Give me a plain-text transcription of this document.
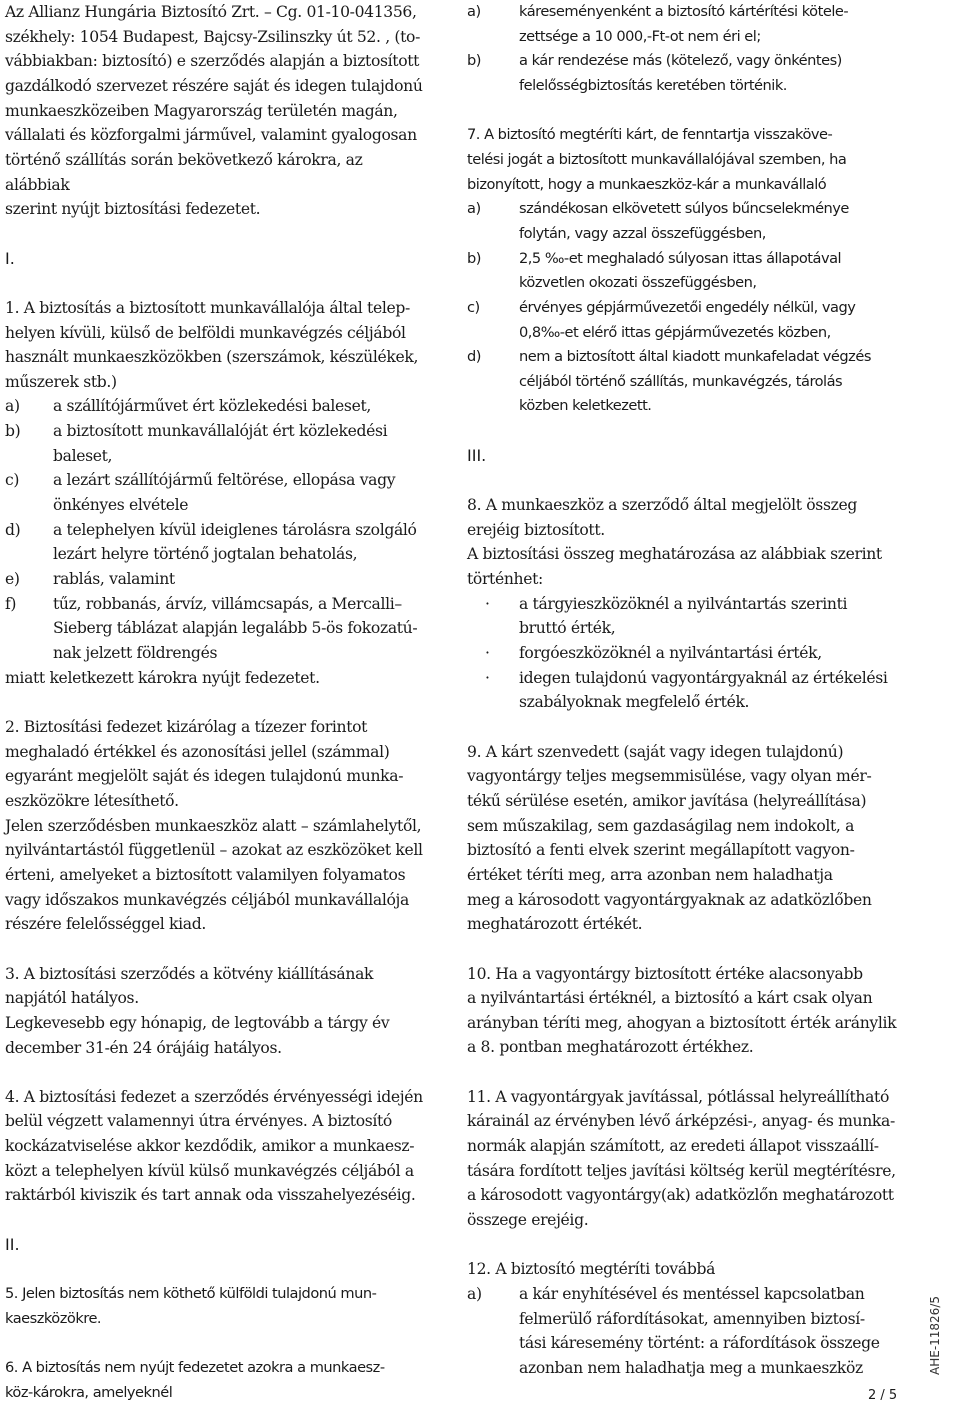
Az Allianz Hungária Biztosító Zrt. – Cg. 01-10-041356,
székhely: 1054 Budapest, Bajcsy-Zsilinszky út 52. , (to-
vábbiakban: biztosító) e szerződés alapján a biztosított
gazdálkodó szervezet részére saját és idegen tulajdonú
munkaeszközeiben Magyarország területén magán,
vállalati és közforgalmi járművel, valamint gyalogosan
történő szállítás során bekövetkező károkra, az alábbiak
szerint nyújt biztosítási fedezetet.

I.

1. A biztosítás a biztosított munkavállalója által telep-
helyen kívüli, külső de belföldi munkavégzés céljából
használt munkaeszközökben (szerszámok, készülékek,
műszerek stb.)
a) a szállítójárművet ért közlekedési baleset,
b) a biztosított munkavállalóját ért közlekedési
baleset,
c) a lezárt szállítójármű feltörése, ellopása vagy
önkényes elvétele
d) a telephelyen kívül ideiglenes tárolásra szolgáló
lezárt helyre történő jogtalan behatolás,
e) rablás, valamint
f) tűz, robbanás, árvíz, villámcsapás, a Mercalli–
Sieberg táblázat alapján legalább 5-ös fokozatú-
nak jelzett földrengés

miatt keletkezett károkra nyújt fedezetet.

2. Biztosítási fedezet kizárólag a tízezer forintot
meghaladó értékkel és azonosítási jellel (számmal)
egyaránt megjelölt saját és idegen tulajdonú munka-
eszközökre létesíthető.
Jelen szerződésben munkaeszköz alatt – számlahelytől,
nyilvántartástól függetlenül – azokat az eszközöket kell
érteni, amelyeket a biztosított valamilyen folyamatos
vagy időszakos munkavégzés céljából munkavállalója
részére felelősséggel kiad.
3. A biztosítási szerződés a kötvény kiállításának
napjától hatályos.
Legkevesebb egy hónapig, de legtovább a tárgy év
december 31-én 24 órájáig hatályos.
4. A biztosítási fedezet a szerződés érvényességi idején
belül végzett valamennyi útra érvényes. A biztosító
kockázatviselése akkor kezdődik, amikor a munkaesz-
közt a telephelyen kívül külső munkavégzés céljából a
raktárból kiviszik és tart annak oda visszahelyezéséig.

II.

5. Jelen biztosítás nem köthető külföldi tulajdonú mun-
kaeszközökre.
6. A biztosítás nem nyújt fedezetet azokra a munkaesz-
köz-károkra, amelyeknél
a)	káreseményenként a biztosító kártérítési kötele-
zettsége a 10 000,-Ft-ot nem éri el;
b)	a kár rendezése más (kötelező, vagy önkéntes)
felelősségbiztosítás keretében történik.
7. A biztosító megtéríti kárt, de fenntartja visszaköve-
telési jogát a biztosított munkavállalójával szemben, ha
bizonyított, hogy a munkaeszköz-kár a munkavállaló
a)	szándékosan elkövetett súlyos bűncselekménye
folytán, vagy azzal összefüggésben,
b)	2,5 ‰-et meghaladó súlyosan ittas állapotával
közvetlen okozati összefüggésben,
c)	érvényes gépjárművezetői engedély nélkül, vagy
0,8‰-et elérő ittas gépjárművezetés közben,
d)	nem a biztosított által kiadott munkafeladat végzés
céljából történő szállítás, munkavégzés, tárolás
közben keletkezett.

III.

8. A munkaeszköz a szerződő által megjelölt összeg
erejéig biztosított.
A biztosítási összeg meghatározása az alábbiak szerint
történhet:
· a tárgyieszközöknél a nyilvántartás szerinti
bruttó érték,
· forgóeszközöknél a nyilvántartási érték,
· idegen tulajdonú vagyontárgyaknál az értékelési
szabályoknak megfelelő érték.
9. A kárt szenvedett (saját vagy idegen tulajdonú)
vagyontárgy teljes megsemmisülése, vagy olyan mér-
tékű sérülése esetén, amikor javítása (helyreállítása)
sem műszakilag, sem gazdaságilag nem indokolt, a
biztosító a fenti elvek szerint megállapított vagyon-
értéket téríti meg, arra azonban nem haladhatja
meg a károsodott vagyontárgyaknak az adatközlőben
meghatározott értékét.
10. Ha a vagyontárgy biztosított értéke alacsonyabb
a nyilvántartási értéknél, a biztosító a kárt csak olyan
arányban téríti meg, ahogyan a biztosított érték aránylik
a 8. pontban meghatározott értékhez.
11. A vagyontárgyak javítással, pótlással helyreállítható
kárainál az érvényben lévő árképzési-, anyag- és munka-
normák alapján számított, az eredeti állapot visszaállí-
tására fordított teljes javítási költség kerül megtérítésre,
a károsodott vagyontárgy(ak) adatközlőn meghatározott
összege erejéig.
12. A biztosító megtéríti továbbá
a) a kár enyhítésével és mentéssel kapcsolatban
felmerülő ráfordításokat, amennyiben biztosí-
tási káresemény történt: a ráfordítások összege
azonban nem haladhatja meg a munkaeszköz	AHE-11826/5
2 / 5
